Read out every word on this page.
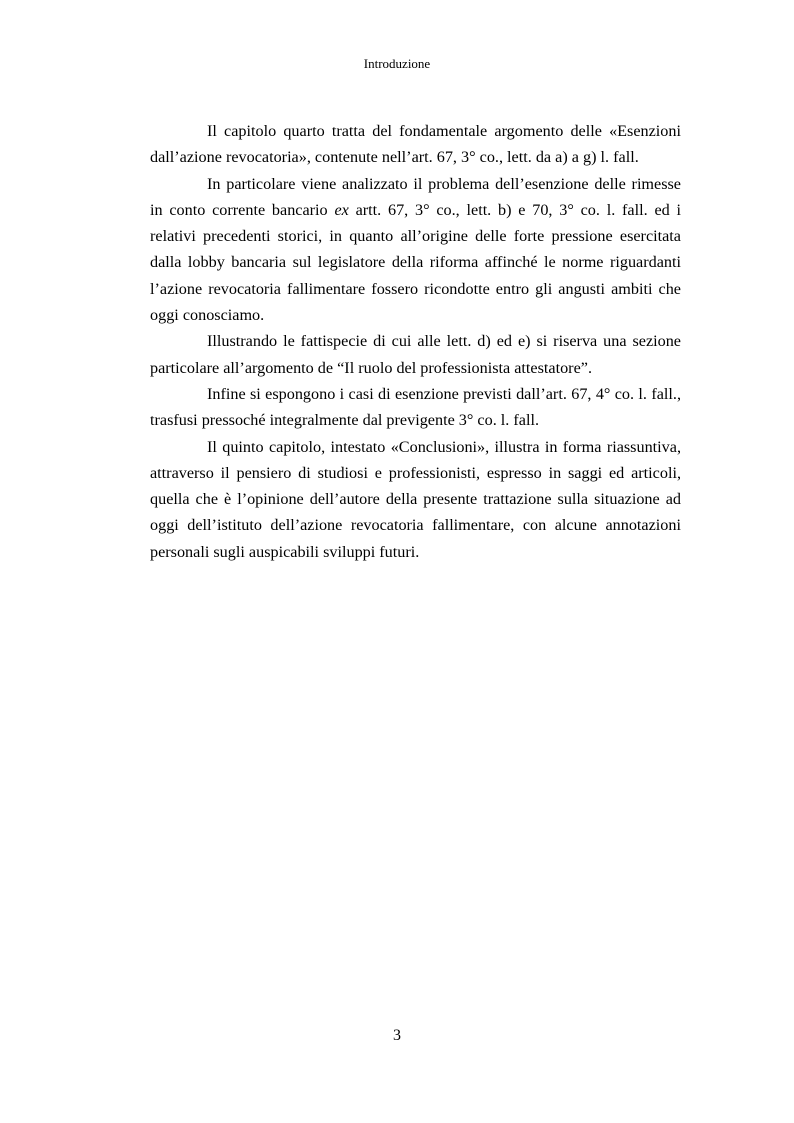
Introduzione

Il capitolo quarto tratta del fondamentale argomento delle «Esenzioni dall’azione revocatoria», contenute nell’art. 67, 3° co., lett. da a) a g) l. fall.

In particolare viene analizzato il problema dell’esenzione delle rimesse in conto corrente bancario ex artt. 67, 3° co., lett. b) e 70, 3° co. l. fall. ed i relativi precedenti storici, in quanto all’origine delle forte pressione esercitata dalla lobby bancaria sul legislatore della riforma affinché le norme riguardanti l’azione revocatoria fallimentare fossero ricondotte entro gli angusti ambiti che oggi conosciamo.

Illustrando le fattispecie di cui alle lett. d) ed e) si riserva una sezione particolare all’argomento de “Il ruolo del professionista attestatore”.

Infine si espongono i casi di esenzione previsti dall’art. 67, 4° co. l. fall., trasfusi pressoché integralmente dal previgente 3° co. l. fall.

Il quinto capitolo, intestato «Conclusioni», illustra in forma riassuntiva, attraverso il pensiero di studiosi e professionisti, espresso in saggi ed articoli, quella che è l’opinione dell’autore della presente trattazione sulla situazione ad oggi dell’istituto dell’azione revocatoria fallimentare, con alcune annotazioni personali sugli auspicabili sviluppi futuri.

3
